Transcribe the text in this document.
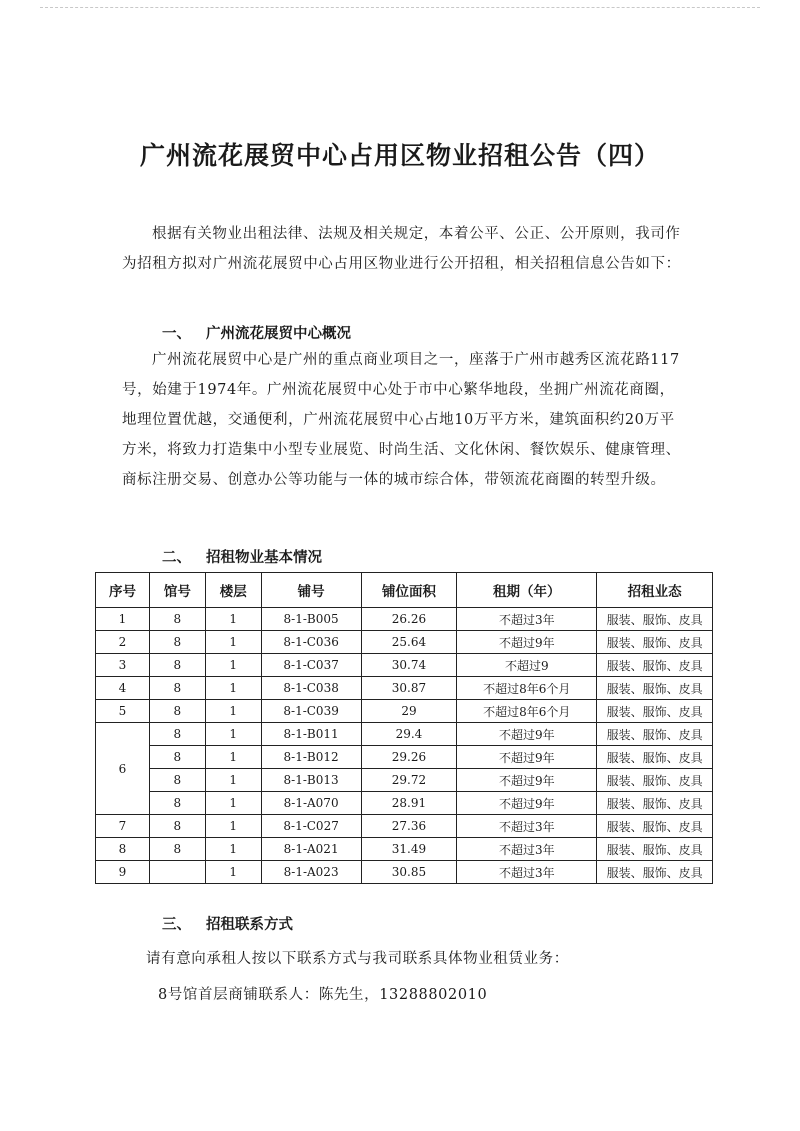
广州流花展贸中心占用区物业招租公告（四）
根据有关物业出租法律、法规及相关规定，本着公平、公正、公开原则，我司作为招租方拟对广州流花展贸中心占用区物业进行公开招租，相关招租信息公告如下：
一、 广州流花展贸中心概况
广州流花展贸中心是广州的重点商业项目之一，座落于广州市越秀区流花路117号，始建于1974年。广州流花展贸中心处于市中心繁华地段，坐拥广州流花商圈，地理位置优越，交通便利，广州流花展贸中心占地10万平方米，建筑面积约20万平方米，将致力打造集中小型专业展览、时尚生活、文化休闲、餐饮娱乐、健康管理、商标注册交易、创意办公等功能与一体的城市综合体，带领流花商圈的转型升级。
二、 招租物业基本情况
序号	馆号	楼层	铺号	铺位面积	租期（年）	招租业态
1	8	1	8-1-B005	26.26	不超过3年	服装、服饰、皮具
2	8	1	8-1-C036	25.64	不超过9年	服装、服饰、皮具
3	8	1	8-1-C037	30.74	不超过9	服装、服饰、皮具
4	8	1	8-1-C038	30.87	不超过8年6个月	服装、服饰、皮具
5	8	1	8-1-C039	29	不超过8年6个月	服装、服饰、皮具
6	8	1	8-1-B011	29.4	不超过9年	服装、服饰、皮具
	8	1	8-1-B012	29.26	不超过9年	服装、服饰、皮具
	8	1	8-1-B013	29.72	不超过9年	服装、服饰、皮具
	8	1	8-1-A070	28.91	不超过9年	服装、服饰、皮具
7	8	1	8-1-C027	27.36	不超过3年	服装、服饰、皮具
8	8	1	8-1-A021	31.49	不超过3年	服装、服饰、皮具
9		1	8-1-A023	30.85	不超过3年	服装、服饰、皮具
三、 招租联系方式
请有意向承租人按以下联系方式与我司联系具体物业租赁业务：
8号馆首层商铺联系人：陈先生，13288802010
